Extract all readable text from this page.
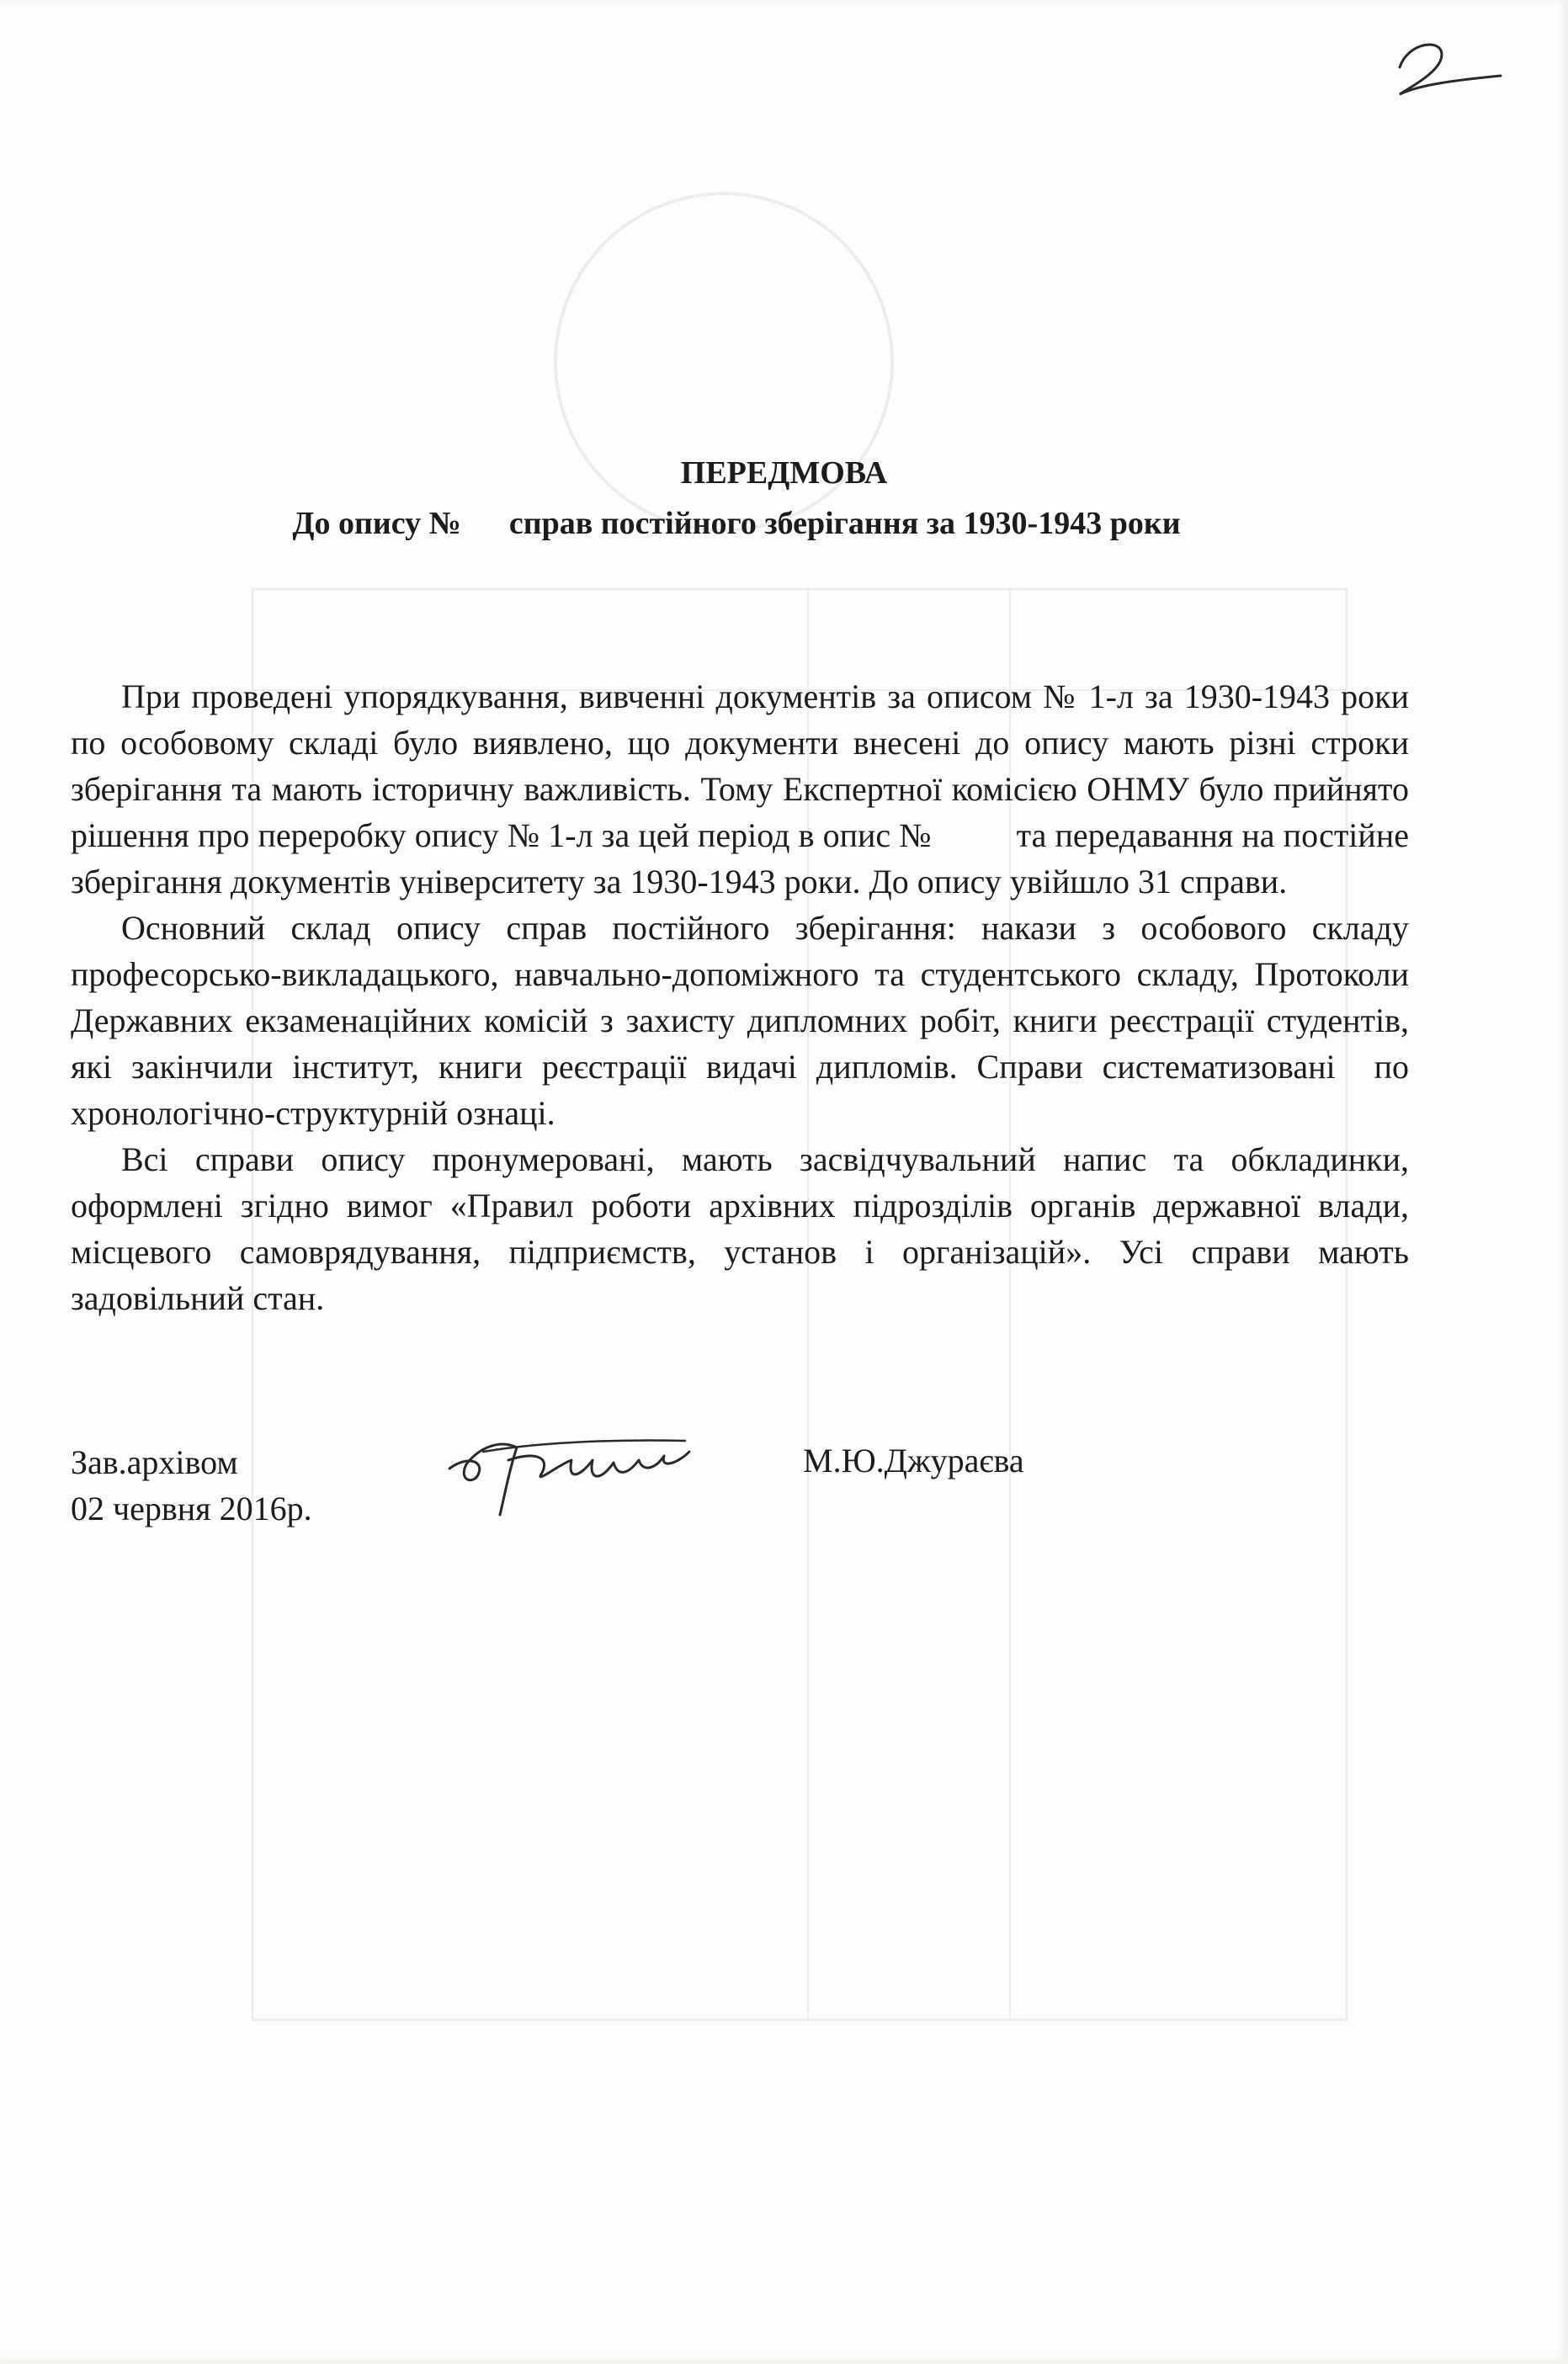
ПЕРЕДМОВА
До опису №      справ постійного зберігання за 1930-1943 роки

При проведені упорядкування, вивченні документів за описом № 1-л за 1930-1943 роки  по особовому складі було виявлено, що документи внесені до опису мають різні строки зберігання та мають історичну важливість. Тому Експертної комісією ОНМУ було прийнято рішення про переробку опису № 1-л за цей період в опис №          та передавання на постійне зберігання документів університету за 1930-1943 роки. До опису увійшло 31 справи.

Основний склад опису справ постійного зберігання: накази з особового складу професорсько-викладацького, навчально-допоміжного та студентського складу, Протоколи Державних екзаменаційних комісій з захисту дипломних робіт, книги реєстрації студентів, які закінчили інститут, книги реєстрації видачі дипломів. Справи систематизовані  по хронологічно-структурній ознаці.

Всі справи опису пронумеровані, мають засвідчувальний напис та обкладинки, оформлені згідно вимог «Правил роботи архівних підрозділів органів державної влади, місцевого самоврядування, підприємств, установ і організацій». Усі справи мають задовільний стан.

Зав.архівом
02 червня 2016р.
М.Ю.Джураєва
